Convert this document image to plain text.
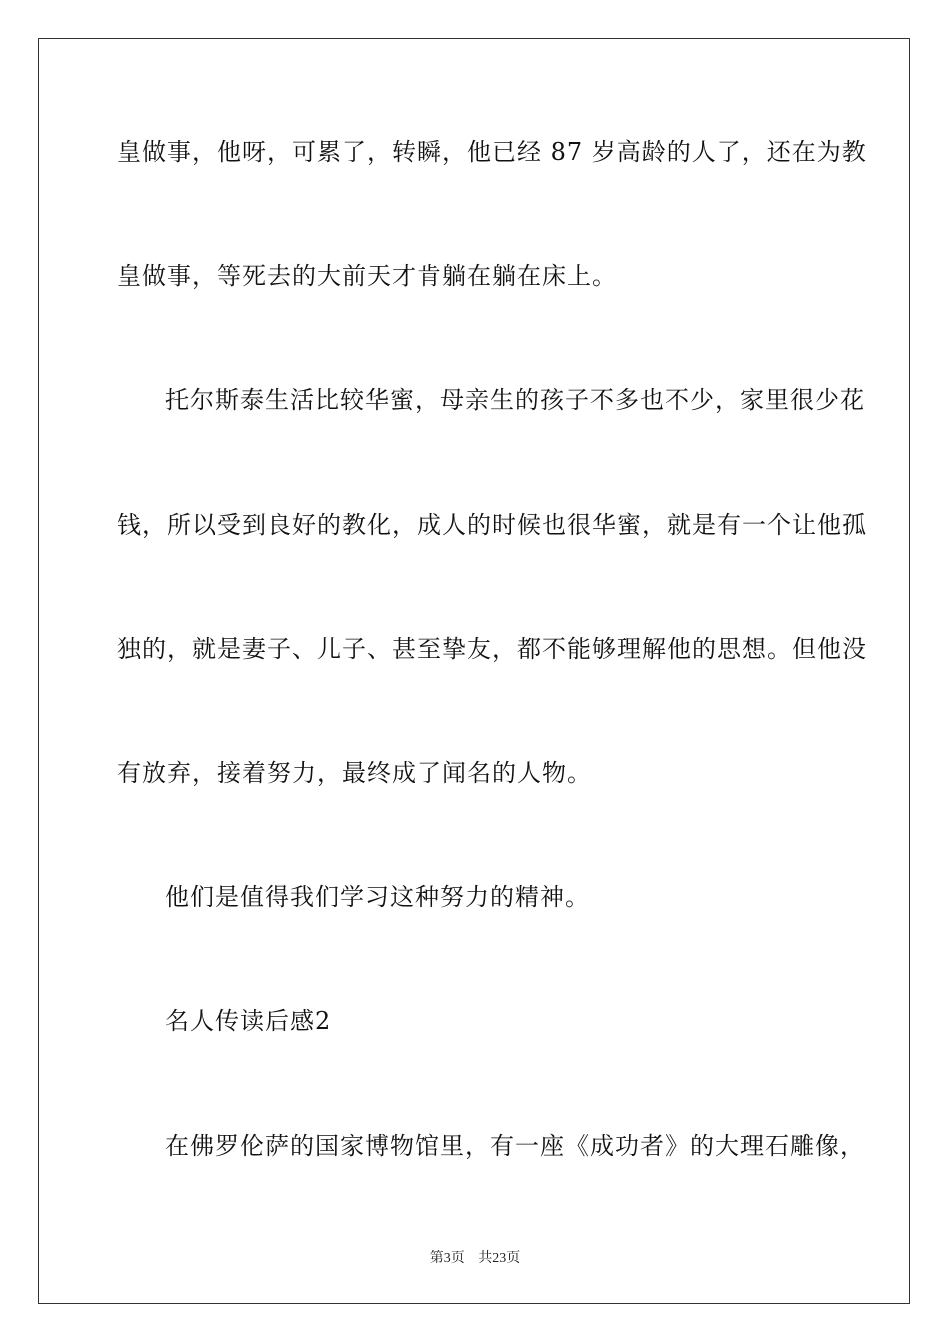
皇做事，他呀，可累了，转瞬，他已经 87 岁高龄的人了，还在为教
皇做事，等死去的大前天才肯躺在躺在床上。
托尔斯泰生活比较华蜜，母亲生的孩子不多也不少，家里很少花
钱，所以受到良好的教化，成人的时候也很华蜜，就是有一个让他孤
独的，就是妻子、儿子、甚至挚友，都不能够理解他的思想。但他没
有放弃，接着努力，最终成了闻名的人物。
他们是值得我们学习这种努力的精神。
名人传读后感2
在佛罗伦萨的国家博物馆里，有一座《成功者》的大理石雕像，
第3页 共23页
